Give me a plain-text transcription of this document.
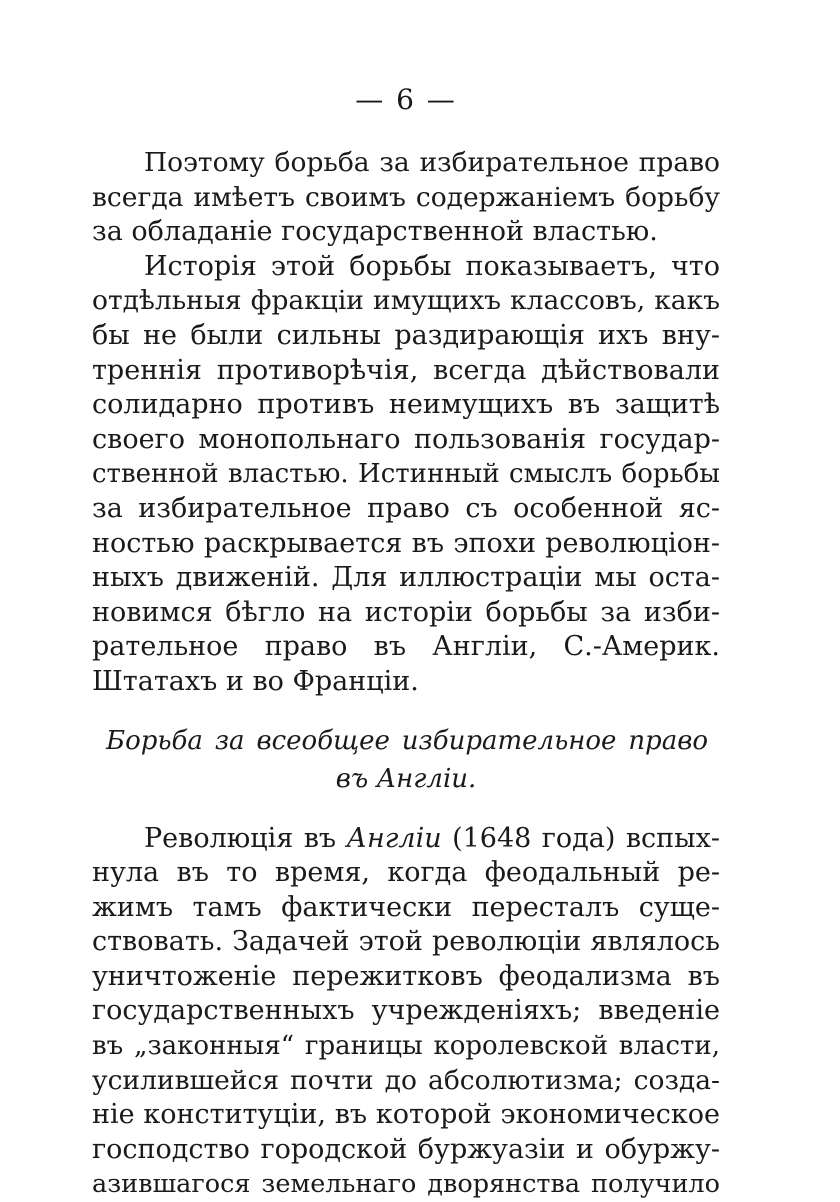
— 6 —

Поэтому борьба за избирательное право
всегда имѣетъ своимъ содержаніемъ борьбу
за обладаніе государственной властью.

Исторія этой борьбы показываетъ, что
отдѣльныя фракціи имущихъ классовъ, какъ
бы не были сильны раздирающія ихъ вну-
треннія противорѣчія, всегда дѣйствовали
солидарно противъ неимущихъ въ защитѣ
своего монопольнаго пользованія государ-
ственной властью. Истинный смыслъ борьбы
за избирательное право съ особенной яс-
ностью раскрывается въ эпохи революціон-
ныхъ движеній. Для иллюстраціи мы оста-
новимся бѣгло на исторіи борьбы за изби-
рательное право въ Англіи, С.-Америк.
Штатахъ и во Франціи.

Борьба за всеобщее избирательное право
въ Англіи.

Революція въ Англіи (1648 года) вспых-
нула въ то время, когда феодальный ре-
жимъ тамъ фактически пересталъ суще-
ствовать. Задачей этой революціи являлось
уничтоженіе пережитковъ феодализма въ
государственныхъ учрежденіяхъ; введеніе
въ „законныя“ границы королевской власти,
усилившейся почти до абсолютизма; созда-
ніе конституціи, въ которой экономическое
господство городской буржуазіи и обуржу-
азившагося земельнаго дворянства получило
